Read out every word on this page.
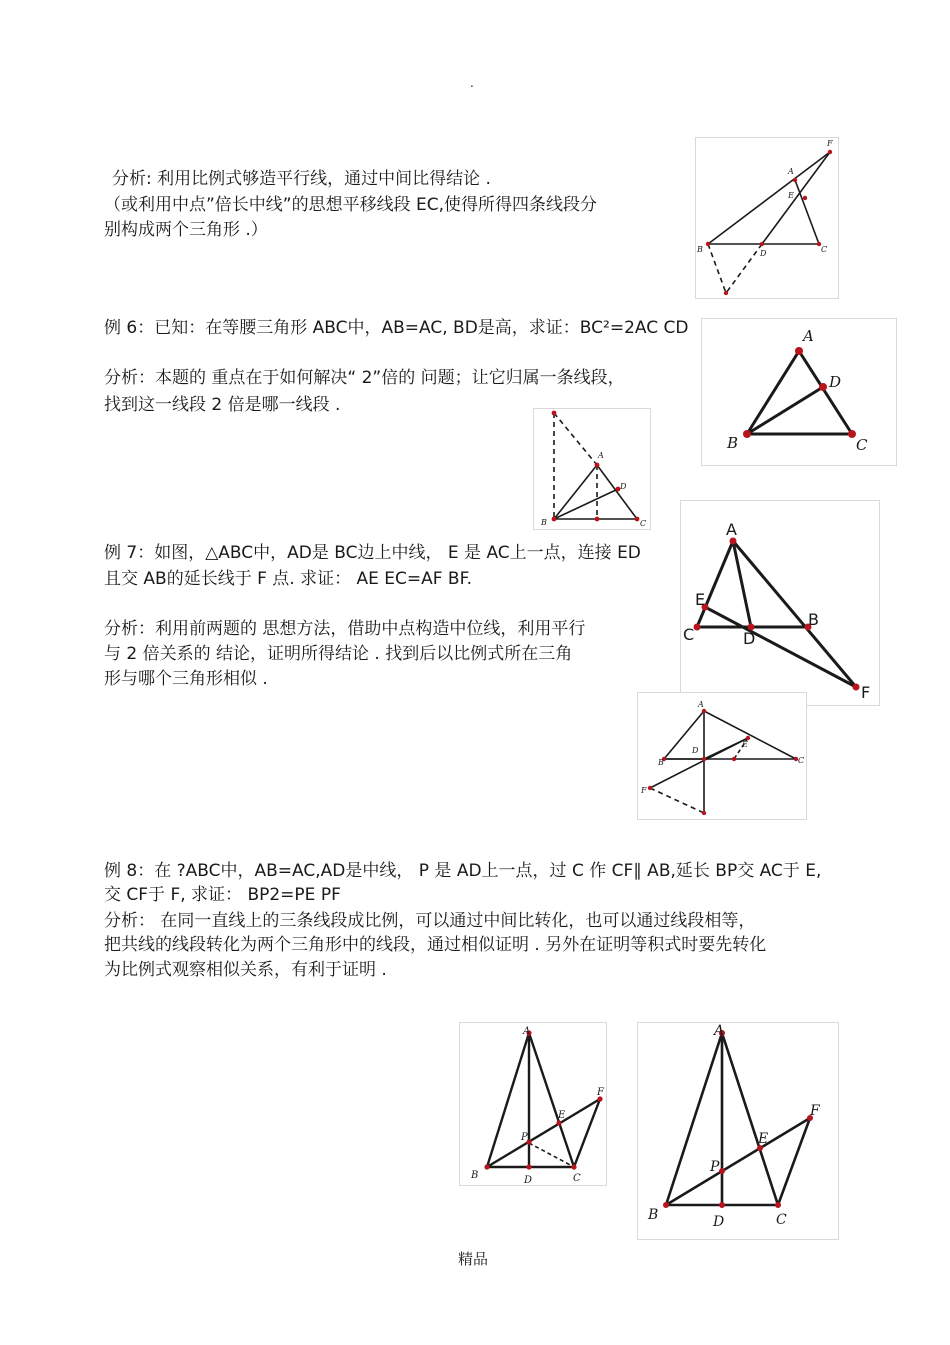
.
分析: 利用比例式够造平行线，通过中间比得结论 .
（或利用中点”倍长中线”的思想平移线段 EC,使得所得四条线段分
别构成两个三角形 .）
F
A
E
B	D	C
例 6：已知：在等腰三角形 ABC中，AB=AC, BD是高，求证：BC²=2AC CD
分析：本题的 重点在于如何解决“ 2”倍的 问题；让它归属一条线段，
找到这一线段 2 倍是哪一线段 .
A
D
B	C
A
D
B	C
例 7：如图，△ABC中，AD是 BC边上中线， E 是 AC上一点，连接 ED
且交 AB的延长线于 F 点. 求证： AE EC=AF BF.
分析：利用前两题的 思想方法，借助中点构造中位线，利用平行
与 2 倍关系的 结论，证明所得结论 . 找到后以比例式所在三角
形与哪个三角形相似 .
A
E
B
C	D
F
A
E
D
B	C
F
例 8：在 ?ABC中，AB=AC,AD是中线， P 是 AD上一点，过 C 作 CF∥ AB,延长 BP交 AC于 E,
交 CF于 F, 求证： BP2=PE PF
分析： 在同一直线上的三条线段成比例，可以通过中间比转化，也可以通过线段相等，
把共线的线段转化为两个三角形中的线段，通过相似证明 . 另外在证明等积式时要先转化
为比例式观察相似关系，有利于证明 .
A
F
E
P
B	D	C
A
F
E
P
B	D	C
精品
